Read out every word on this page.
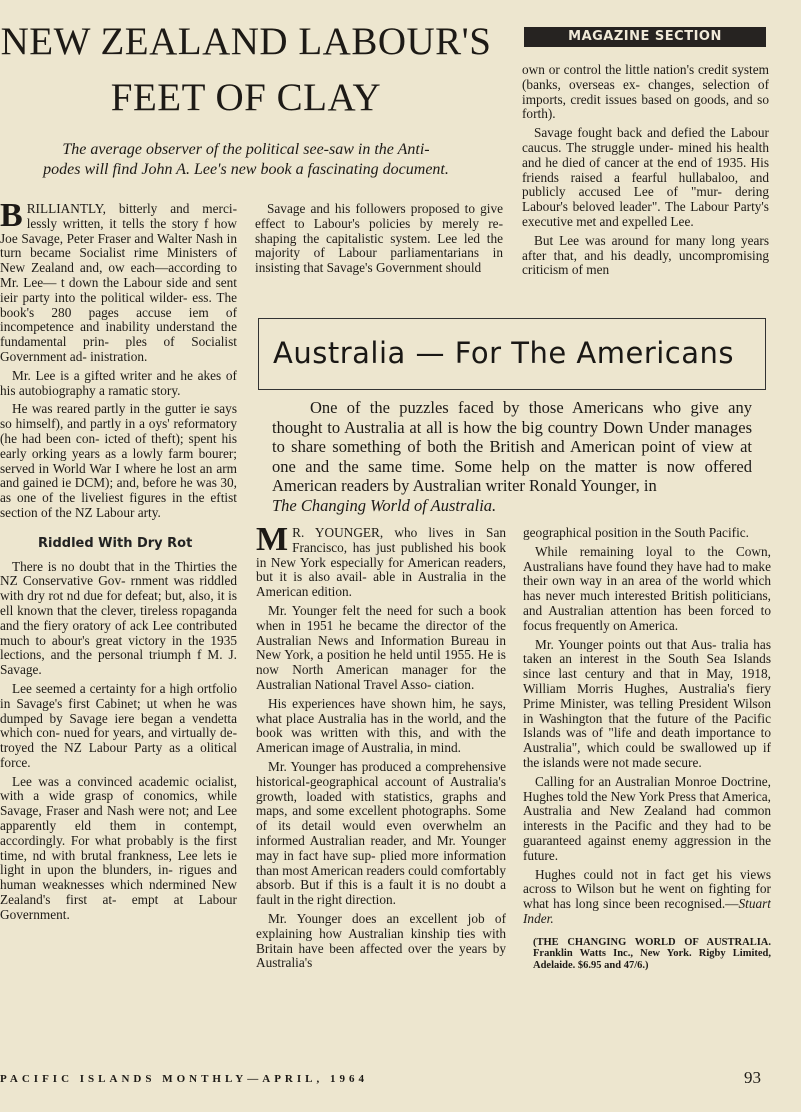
NEW ZEALAND LABOUR'S
FEET OF CLAY
MAGAZINE SECTION
The average observer of the political see-saw in the Anti-
podes will find John A. Lee's new book a fascinating document.

BRILLIANTLY, bitterly and merci- lessly written, it tells the story f how Joe Savage, Peter Fraser and Walter Nash in turn became Socialist rime Ministers of New Zealand and, ow each—according to Mr. Lee— t down the Labour side and sent ieir party into the political wilder- ess. The book's 280 pages accuse iem of incompetence and inability understand the fundamental prin- ples of Socialist Government ad- inistration.

Mr. Lee is a gifted writer and he akes of his autobiography a ramatic story.

He was reared partly in the gutter ie says so himself), and partly in a oys' reformatory (he had been con- icted of theft); spent his early orking years as a lowly farm bourer; served in World War I where he lost an arm and gained ie DCM); and, before he was 30, as one of the liveliest figures in the eftist section of the NZ Labour arty.

Riddled With Dry Rot

There is no doubt that in the Thirties the NZ Conservative Gov- rnment was riddled with dry rot nd due for defeat; but, also, it is ell known that the clever, tireless ropaganda and the fiery oratory of ack Lee contributed much to abour's great victory in the 1935 lections, and the personal triumph f M. J. Savage.

Lee seemed a certainty for a high ortfolio in Savage's first Cabinet; ut when he was dumped by Savage iere began a vendetta which con- nued for years, and virtually de- troyed the NZ Labour Party as a olitical force.

Lee was a convinced academic ocialist, with a wide grasp of conomics, while Savage, Fraser and Nash were not; and Lee apparently eld them in contempt, accordingly. For what probably is the first time, nd with brutal frankness, Lee lets ie light in upon the blunders, in- rigues and human weaknesses which ndermined New Zealand's first at- empt at Labour Government.

Savage and his followers proposed to give effect to Labour's policies by merely re-shaping the capitalistic system. Lee led the majority of Labour parliamentarians in insisting that Savage's Government should

own or control the little nation's credit system (banks, overseas ex- changes, selection of imports, credit issues based on goods, and so forth).

Savage fought back and defied the Labour caucus. The struggle under- mined his health and he died of cancer at the end of 1935. His friends raised a fearful hullabaloo, and publicly accused Lee of "mur- dering Labour's beloved leader". The Labour Party's executive met and expelled Lee.

But Lee was around for many long years after that, and his deadly, uncompromising criticism of men

Australia — For The Americans
One of the puzzles faced by those Americans who give any thought to Australia at all is how the big country Down Under manages to share something of both the British and American point of view at one and the same time. Some help on the matter is now offered American readers by Australian writer Ronald Younger, in
The Changing World of Australia.

M R. YOUNGER, who lives in San Francisco, has just published his book in New York especially for American readers, but it is also avail- able in Australia in the American edition.

Mr. Younger felt the need for such a book when in 1951 he became the director of the Australian News and Information Bureau in New York, a position he held until 1955. He is now North American manager for the Australian National Travel Asso- ciation.

His experiences have shown him, he says, what place Australia has in the world, and the book was written with this, and with the American image of Australia, in mind.

Mr. Younger has produced a comprehensive historical-geographical account of Australia's growth, loaded with statistics, graphs and maps, and some excellent photographs. Some of its detail would even overwhelm an informed Australian reader, and Mr. Younger may in fact have sup- plied more information than most American readers could comfortably absorb. But if this is a fault it is no doubt a fault in the right direction.

Mr. Younger does an excellent job of explaining how Australian kinship ties with Britain have been affected over the years by Australia's

geographical position in the South Pacific.

While remaining loyal to the Cown, Australians have found they have had to make their own way in an area of the world which has never much interested British politicians, and Australian attention has been forced to focus frequently on America.

Mr. Younger points out that Aus- tralia has taken an interest in the South Sea Islands since last century and that in May, 1918, William Morris Hughes, Australia's fiery Prime Minister, was telling President Wilson in Washington that the future of the Pacific Islands was of "life and death importance to Australia", which could be swallowed up if the islands were not made secure.

Calling for an Australian Monroe Doctrine, Hughes told the New York Press that America, Australia and New Zealand had common interests in the Pacific and they had to be guaranteed against enemy aggression in the future.

Hughes could not in fact get his views across to Wilson but he went on fighting for what has long since been recognised.—Stuart Inder.

(THE CHANGING WORLD OF AUSTRALIA. Franklin Watts Inc., New York. Rigby Limited, Adelaide. $6.95 and 47/6.)
PACIFIC ISLANDS MONTHLY—APRIL, 1964	93
